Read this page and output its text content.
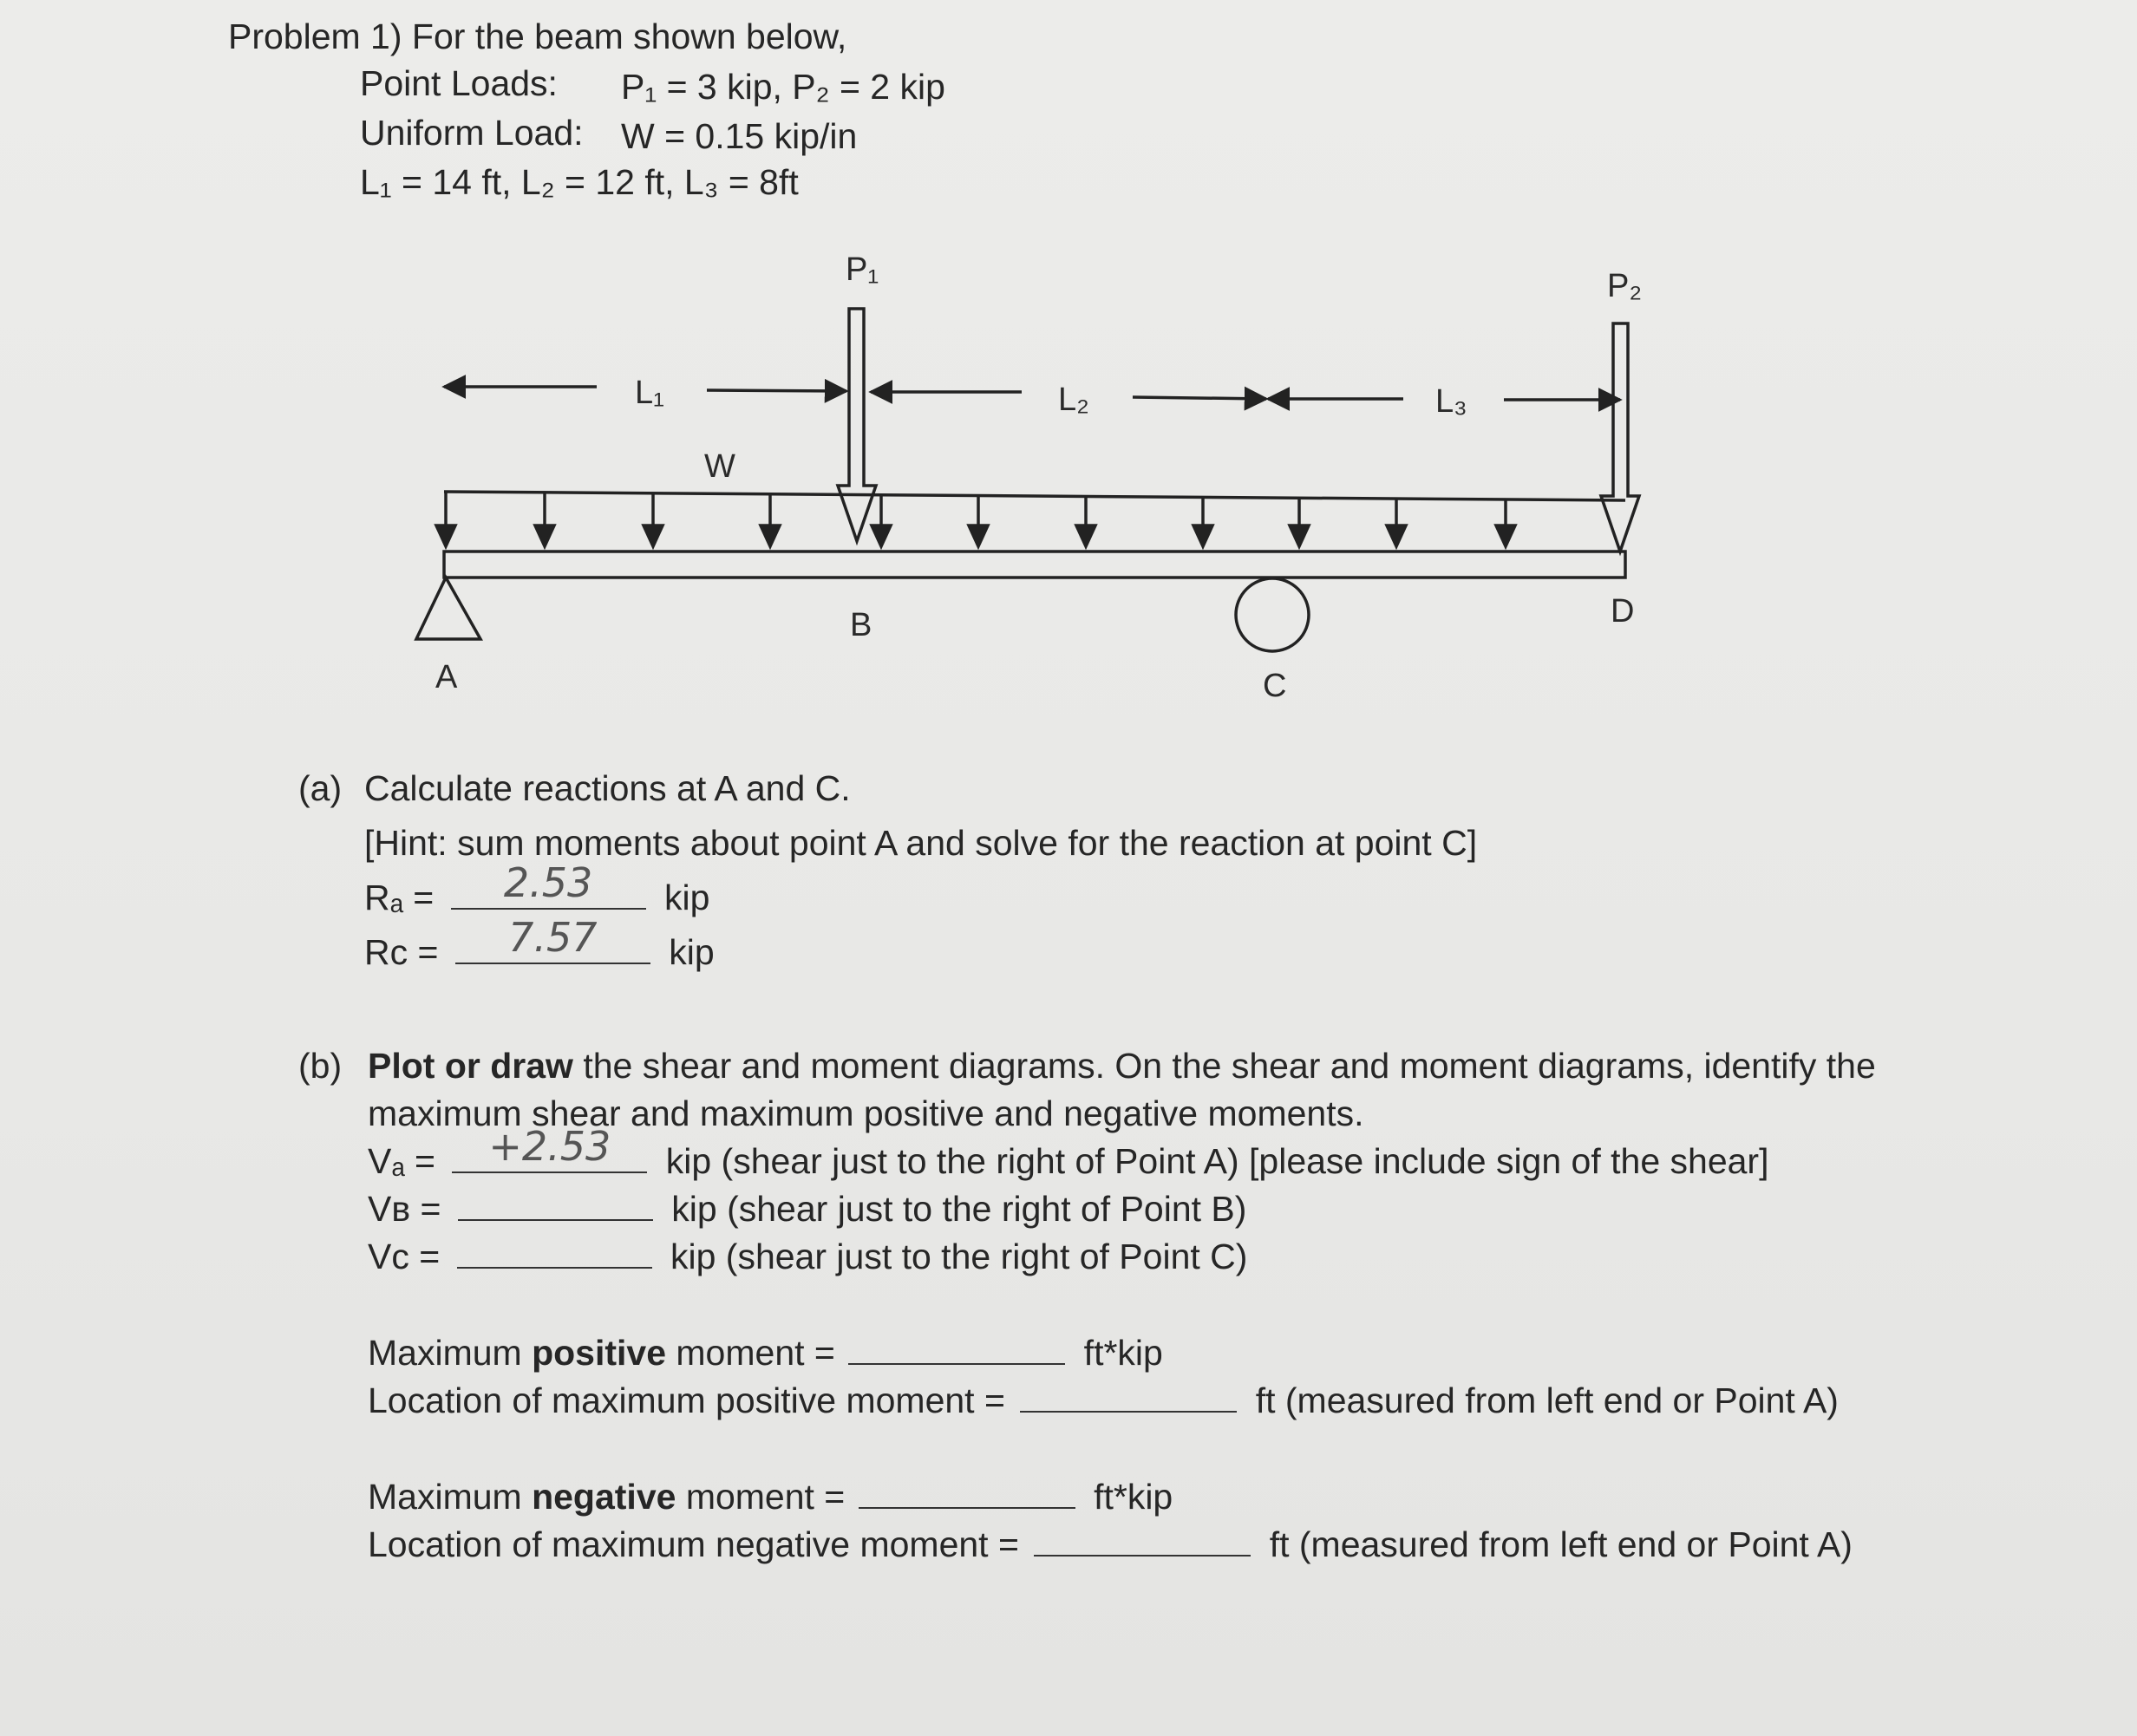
Problem 1) For the beam shown below,
Point Loads: P₁ = 3 kip, P₂ = 2 kip
Uniform Load: W = 0.15 kip/in
L₁ = 14 ft, L₂ = 12 ft, L₃ = 8ft
P₁	P₂
L₁	L₂	L₃
W
A
B
C
D
(a) Calculate reactions at A and C.
[Hint: sum moments about point A and solve for the reaction at point C]
Rₐ =	2.53	kip
Rc =	7.57	kip
(b) Plot or draw the shear and moment diagrams. On the shear and moment diagrams, identify the
maximum shear and maximum positive and negative moments.
Vₐ =	+2.53	kip (shear just to the right of Point A) [please include sign of the shear]
Vʙ =	kip (shear just to the right of Point B)
Vc =	kip (shear just to the right of Point C)
Maximum positive moment =	ft*kip
Location of maximum positive moment =	ft (measured from left end or Point A)
Maximum negative moment =	ft*kip
Location of maximum negative moment =	ft (measured from left end or Point A)
